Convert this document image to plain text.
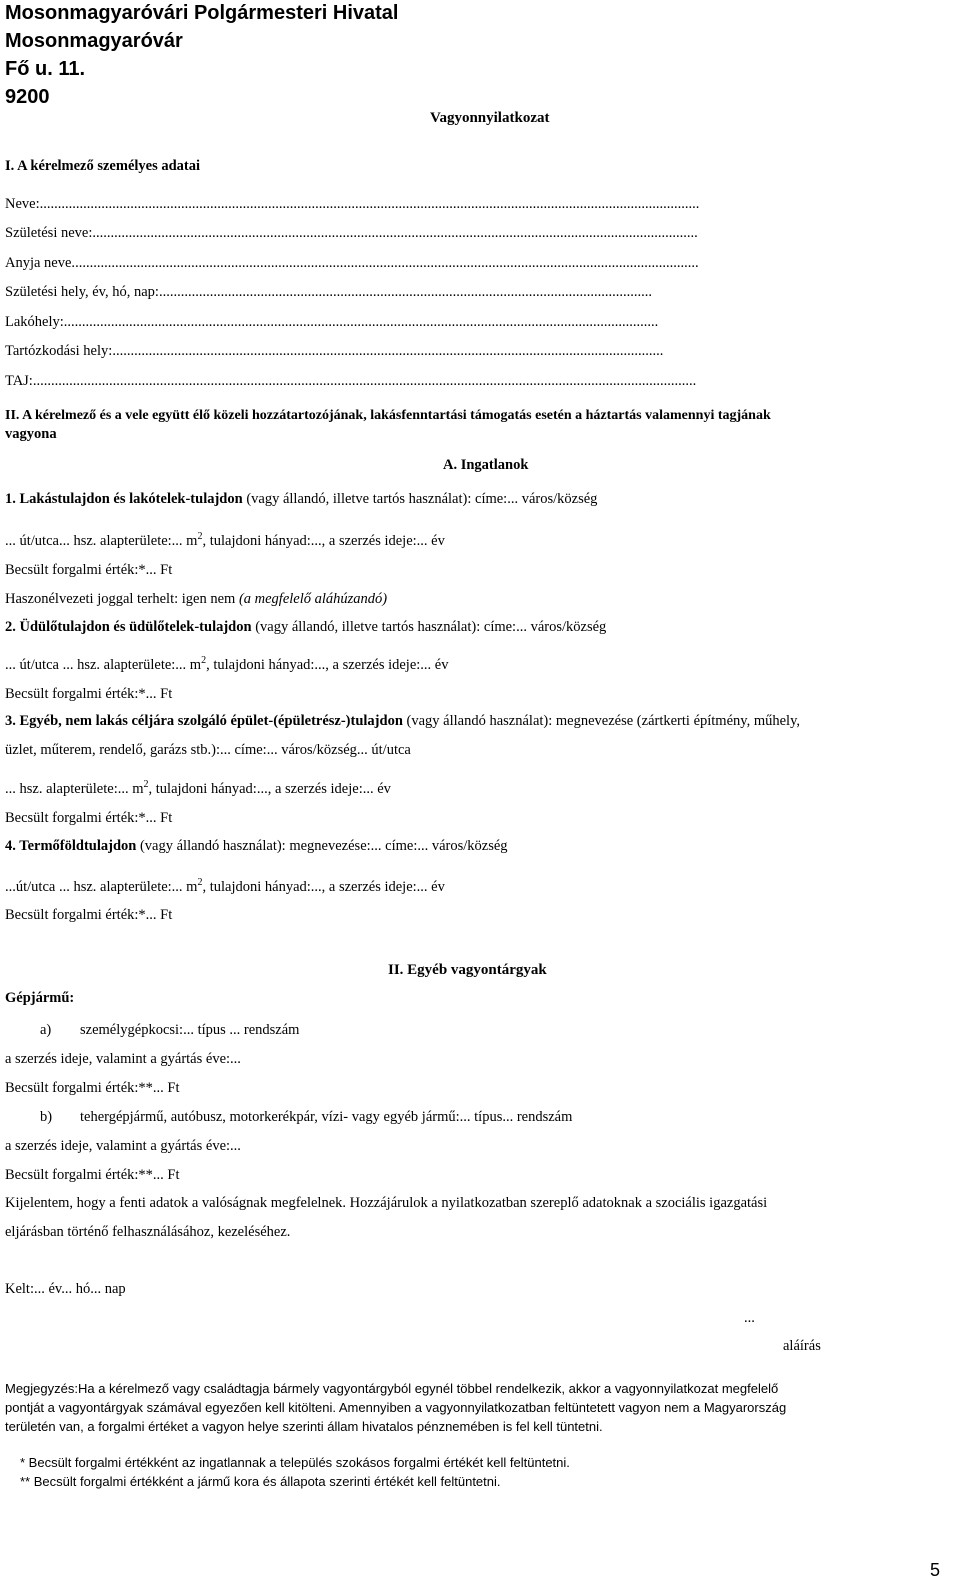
Mosonmagyaróvári Polgármesteri Hivatal
Mosonmagyaróvár
Fő u. 11.
9200
Vagyonnyilatkozat
I. A kérelmező személyes adatai
Neve:......................................................................................................................................................................................
Születési neve:.......................................................................................................................................................................
Anyja neve.............................................................................................................................................................................
Születési hely, év, hó, nap:........................................................................................................................................
Lakóhely:....................................................................................................................................................................
Tartózkodási hely:........................................................................................................................................................
TAJ:.......................................................................................................................................................................................
II. A kérelmező és a vele együtt élő közeli hozzátartozójának, lakásfenntartási támogatás esetén a háztartás valamennyi tagjának
vagyona
A. Ingatlanok
1. Lakástulajdon és lakótelek-tulajdon (vagy állandó, illetve tartós használat): címe:... város/község
... út/utca... hsz. alapterülete:... $m^2$, tulajdoni hányad:..., a szerzés ideje:... év
Becsült forgalmi érték:*... Ft
Haszonélvezeti joggal terhelt: igen nem (a megfelelő aláhúzandó)
2. Üdülőtulajdon és üdülőtelek-tulajdon (vagy állandó, illetve tartós használat): címe:... város/község
... út/utca ... hsz. alapterülete:... $m^2$, tulajdoni hányad:..., a szerzés ideje:... év
Becsült forgalmi érték:*... Ft
3. Egyéb, nem lakás céljára szolgáló épület-(épületrész-)tulajdon (vagy állandó használat): megnevezése (zártkerti építmény, műhely,
üzlet, műterem, rendelő, garázs stb.):... címe:... város/község... út/utca
... hsz. alapterülete:... $m^2$, tulajdoni hányad:..., a szerzés ideje:... év
Becsült forgalmi érték:*... Ft
4. Termőföldtulajdon (vagy állandó használat): megnevezése:... címe:... város/község
...út/utca ... hsz. alapterülete:... $m^2$, tulajdoni hányad:..., a szerzés ideje:... év
Becsült forgalmi érték:*... Ft
II. Egyéb vagyontárgyak
Gépjármű:
a) személygépkocsi:... típus ... rendszám
a szerzés ideje, valamint a gyártás éve:...
Becsült forgalmi érték:**... Ft
b) tehergépjármű, autóbusz, motorkerékpár, vízi- vagy egyéb jármű:... típus... rendszám
a szerzés ideje, valamint a gyártás éve:...
Becsült forgalmi érték:**... Ft
Kijelentem, hogy a fenti adatok a valóságnak megfelelnek. Hozzájárulok a nyilatkozatban szereplő adatoknak a szociális igazgatási
eljárásban történő felhasználásához, kezeléséhez.
Kelt:... év... hó... nap
...
aláírás
Megjegyzés:Ha a kérelmező vagy családtagja bármely vagyontárgyból egynél többel rendelkezik, akkor a vagyonnyilatkozat megfelelő
pontját a vagyontárgyak számával egyezően kell kitölteni. Amennyiben a vagyonnyilatkozatban feltüntetett vagyon nem a Magyarország
területén van, a forgalmi értéket a vagyon helye szerinti állam hivatalos pénznemében is fel kell tüntetni.
* Becsült forgalmi értékként az ingatlannak a település szokásos forgalmi értékét kell feltüntetni.
** Becsült forgalmi értékként a jármű kora és állapota szerinti értékét kell feltüntetni.
5
